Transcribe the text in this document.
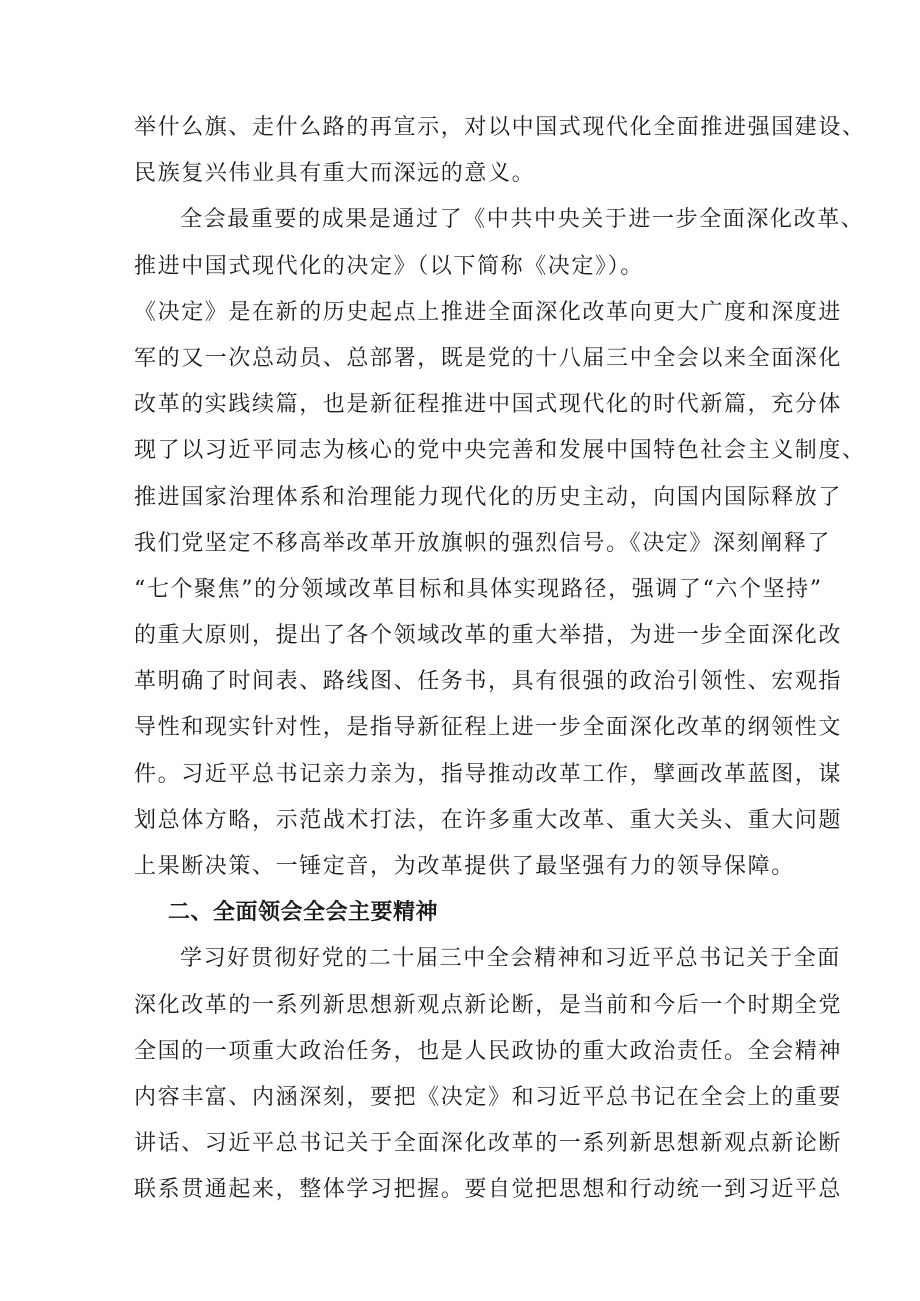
举什么旗、走什么路的再宣示，对以中国式现代化全面推进强国建设、
民族复兴伟业具有重大而深远的意义。
全会最重要的成果是通过了《中共中央关于进一步全面深化改革、
推进中国式现代化的决定》（以下简称《决定》）。
《决定》是在新的历史起点上推进全面深化改革向更大广度和深度进
军的又一次总动员、总部署，既是党的十八届三中全会以来全面深化
改革的实践续篇，也是新征程推进中国式现代化的时代新篇，充分体
现了以习近平同志为核心的党中央完善和发展中国特色社会主义制度、
推进国家治理体系和治理能力现代化的历史主动，向国内国际释放了
我们党坚定不移高举改革开放旗帜的强烈信号。《决定》深刻阐释了
“七个聚焦”的分领域改革目标和具体实现路径，强调了“六个坚持”
的重大原则，提出了各个领域改革的重大举措，为进一步全面深化改
革明确了时间表、路线图、任务书，具有很强的政治引领性、宏观指
导性和现实针对性，是指导新征程上进一步全面深化改革的纲领性文
件。习近平总书记亲力亲为，指导推动改革工作，擘画改革蓝图，谋
划总体方略，示范战术打法，在许多重大改革、重大关头、重大问题
上果断决策、一锤定音，为改革提供了最坚强有力的领导保障。
二、全面领会全会主要精神
学习好贯彻好党的二十届三中全会精神和习近平总书记关于全面
深化改革的一系列新思想新观点新论断，是当前和今后一个时期全党
全国的一项重大政治任务，也是人民政协的重大政治责任。全会精神
内容丰富、内涵深刻，要把《决定》和习近平总书记在全会上的重要
讲话、习近平总书记关于全面深化改革的一系列新思想新观点新论断
联系贯通起来，整体学习把握。要自觉把思想和行动统一到习近平总
